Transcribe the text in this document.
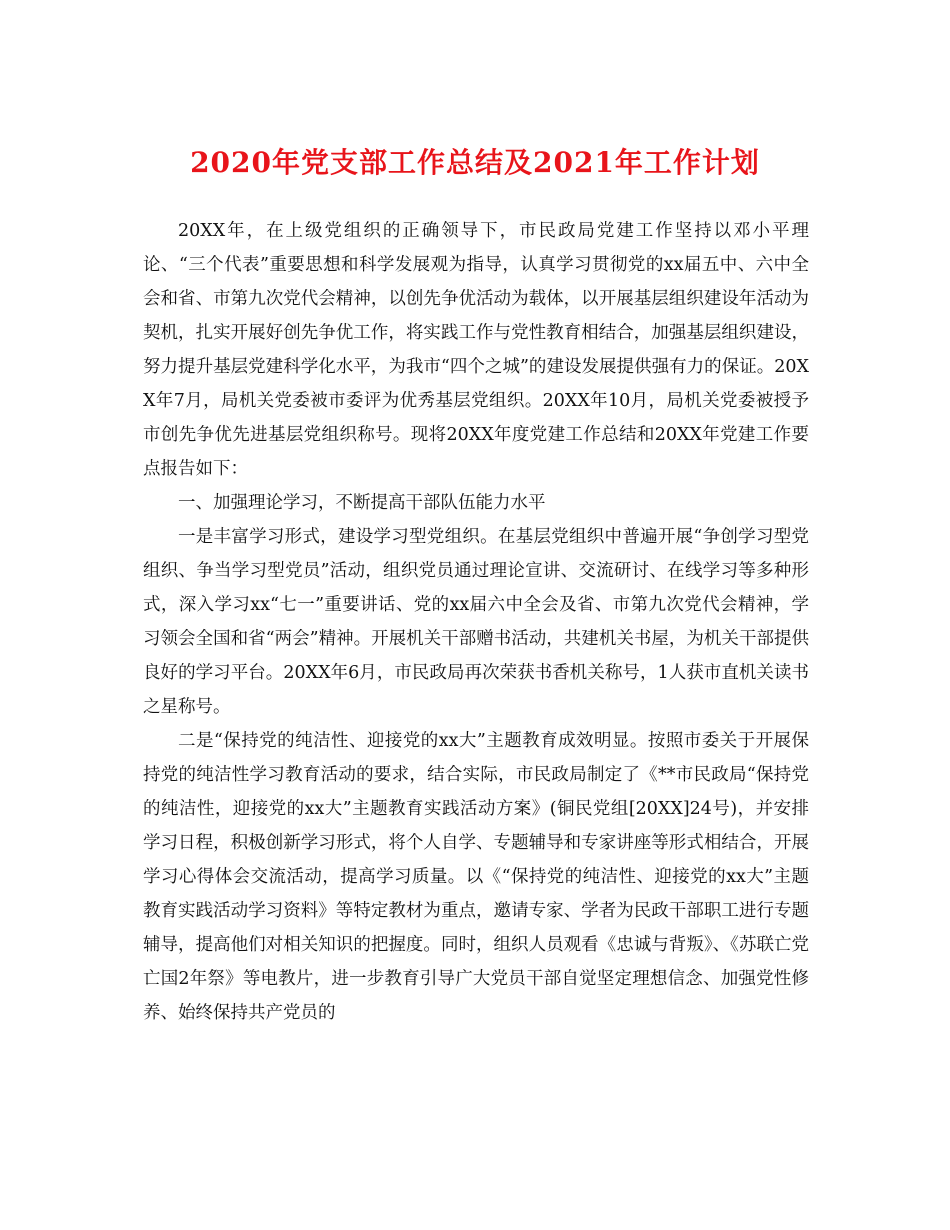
2020年党支部工作总结及2021年工作计划

20XX年，在上级党组织的正确领导下，市民政局党建工作坚持以邓小平理论、“三个代表”重要思想和科学发展观为指导，认真学习贯彻党的xx届五中、六中全会和省、市第九次党代会精神，以创先争优活动为载体，以开展基层组织建设年活动为契机，扎实开展好创先争优工作，将实践工作与党性教育相结合，加强基层组织建设，努力提升基层党建科学化水平，为我市“四个之城”的建设发展提供强有力的保证。20XX年7月，局机关党委被市委评为优秀基层党组织。20XX年10月，局机关党委被授予市创先争优先进基层党组织称号。现将20XX年度党建工作总结和20XX年党建工作要点报告如下：

一、加强理论学习，不断提高干部队伍能力水平

一是丰富学习形式，建设学习型党组织。在基层党组织中普遍开展“争创学习型党组织、争当学习型党员”活动，组织党员通过理论宣讲、交流研讨、在线学习等多种形式，深入学习xx“七一”重要讲话、党的xx届六中全会及省、市第九次党代会精神，学习领会全国和省“两会”精神。开展机关干部赠书活动，共建机关书屋，为机关干部提供良好的学习平台。20XX年6月，市民政局再次荣获书香机关称号，1人获市直机关读书之星称号。

二是“保持党的纯洁性、迎接党的xx大”主题教育成效明显。按照市委关于开展保持党的纯洁性学习教育活动的要求，结合实际，市民政局制定了《**市民政局“保持党的纯洁性，迎接党的xx大”主题教育实践活动方案》(铜民党组[20XX]24号)，并安排学习日程，积极创新学习形式，将个人自学、专题辅导和专家讲座等形式相结合，开展学习心得体会交流活动，提高学习质量。以《“保持党的纯洁性、迎接党的xx大”主题教育实践活动学习资料》等特定教材为重点，邀请专家、学者为民政干部职工进行专题辅导，提高他们对相关知识的把握度。同时，组织人员观看《忠诚与背叛》、《苏联亡党亡国2年祭》等电教片，进一步教育引导广大党员干部自觉坚定理想信念、加强党性修养、始终保持共产党员的
